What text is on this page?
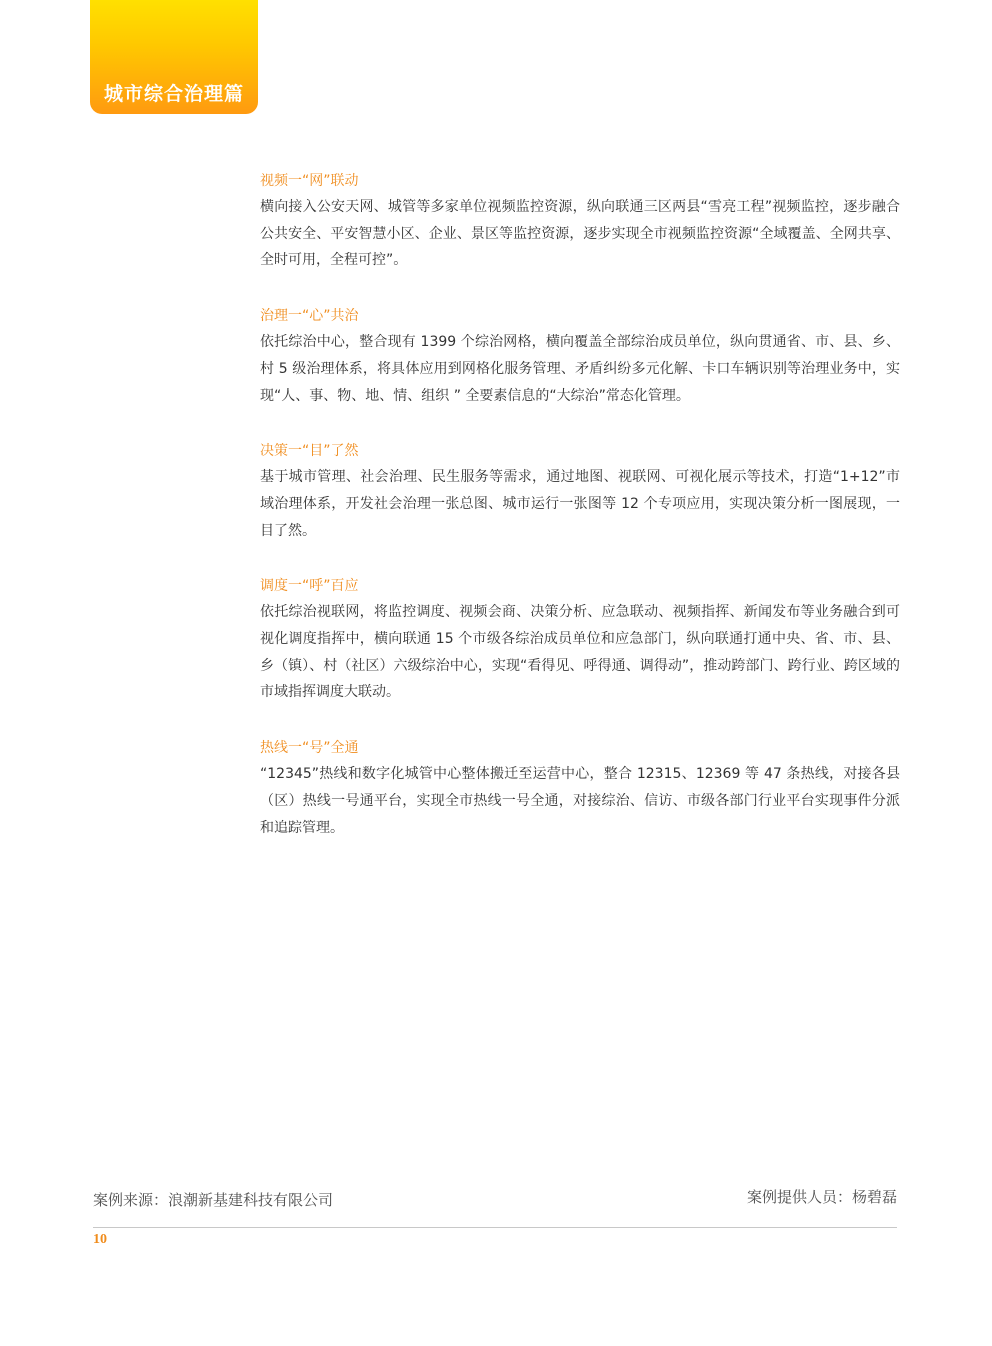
城市综合治理篇

视频一“网”联动

横向接入公安天网、城管等多家单位视频监控资源，纵向联通三区两县“雪亮工程”视频监控，逐步融合公共安全、平安智慧小区、企业、景区等监控资源，逐步实现全市视频监控资源“全域覆盖、全网共享、全时可用，全程可控”。

治理一“心”共治

依托综治中心，整合现有 1399 个综治网格，横向覆盖全部综治成员单位，纵向贯通省、市、县、乡、村 5 级治理体系，将具体应用到网格化服务管理、矛盾纠纷多元化解、卡口车辆识别等治理业务中，实现“人、事、物、地、情、组织 ” 全要素信息的“大综治”常态化管理。

决策一“目”了然

基于城市管理、社会治理、民生服务等需求，通过地图、视联网、可视化展示等技术，打造“1+12”市域治理体系，开发社会治理一张总图、城市运行一张图等 12 个专项应用，实现决策分析一图展现，一目了然。

调度一“呼”百应

依托综治视联网，将监控调度、视频会商、决策分析、应急联动、视频指挥、新闻发布等业务融合到可视化调度指挥中，横向联通 15 个市级各综治成员单位和应急部门，纵向联通打通中央、省、市、县、乡（镇）、村（社区）六级综治中心，实现“看得见、呼得通、调得动”，推动跨部门、跨行业、跨区域的市域指挥调度大联动。

热线一“号”全通

“12345”热线和数字化城管中心整体搬迁至运营中心，整合 12315、12369 等 47 条热线，对接各县（区）热线一号通平台，实现全市热线一号全通，对接综治、信访、市级各部门行业平台实现事件分派和追踪管理。

案例来源：浪潮新基建科技有限公司	案例提供人员：杨碧磊
10
